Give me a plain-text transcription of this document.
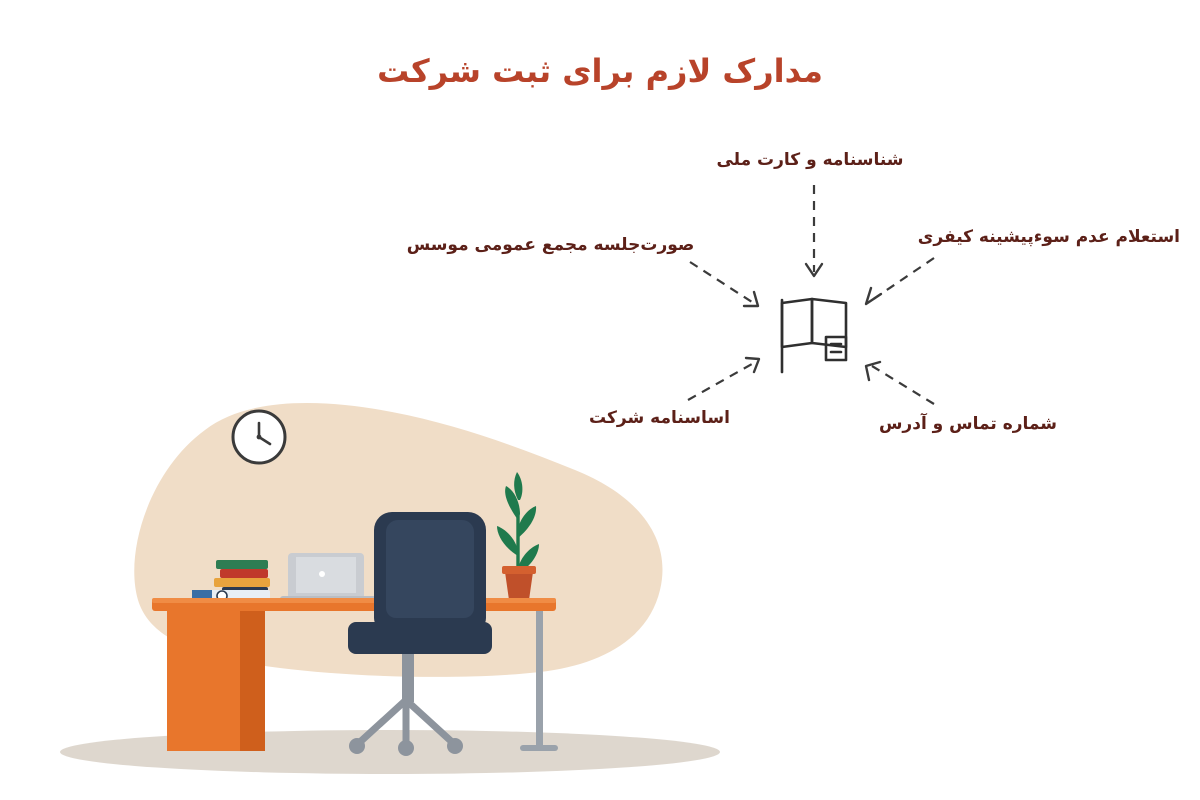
مدارک لازم برای ثبت شرکت
شناسنامه و کارت ملی
استعلام عدم سوءپیشینه کیفری
صورت‌جلسه مجمع عمومی موسس
اساسنامه شرکت	شماره تماس و آدرس
